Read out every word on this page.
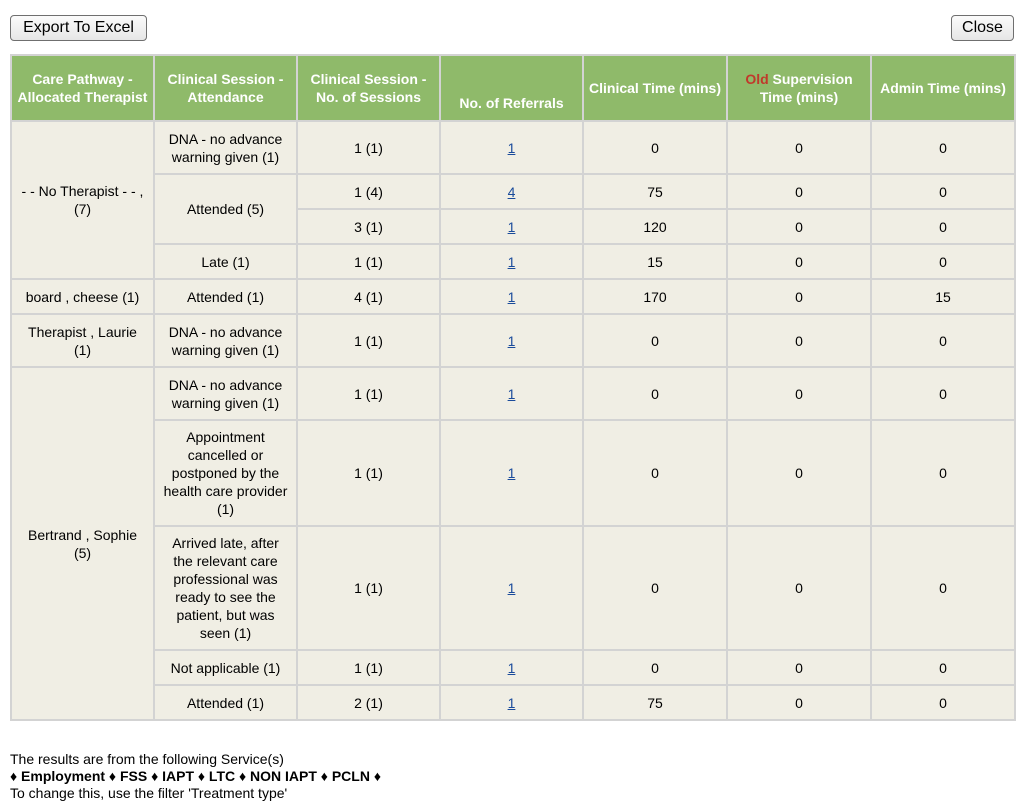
Export To Excel	Close
Care Pathway - Allocated Therapist	Clinical Session - Attendance	Clinical Session - No. of Sessions	No. of Referrals	Clinical Time (mins)	Old Supervision Time (mins)	Admin Time (mins)
- - No Therapist - - , (7)	DNA - no advance warning given (1)	1 (1)	1	0	0	0
	Attended (5)	1 (4)	4	75	0	0
		3 (1)	1	120	0	0
	Late (1)	1 (1)	1	15	0	0
board , cheese (1)	Attended (1)	4 (1)	1	170	0	15
Therapist , Laurie (1)	DNA - no advance warning given (1)	1 (1)	1	0	0	0
Bertrand , Sophie (5)	DNA - no advance warning given (1)	1 (1)	1	0	0	0
	Appointment cancelled or postponed by the health care provider (1)	1 (1)	1	0	0	0
	Arrived late, after the relevant care professional was ready to see the patient, but was seen (1)	1 (1)	1	0	0	0
	Not applicable (1)	1 (1)	1	0	0	0
	Attended (1)	2 (1)	1	75	0	0
The results are from the following Service(s)
♦ Employment ♦ FSS ♦ IAPT ♦ LTC ♦ NON IAPT ♦ PCLN ♦
To change this, use the filter 'Treatment type'
